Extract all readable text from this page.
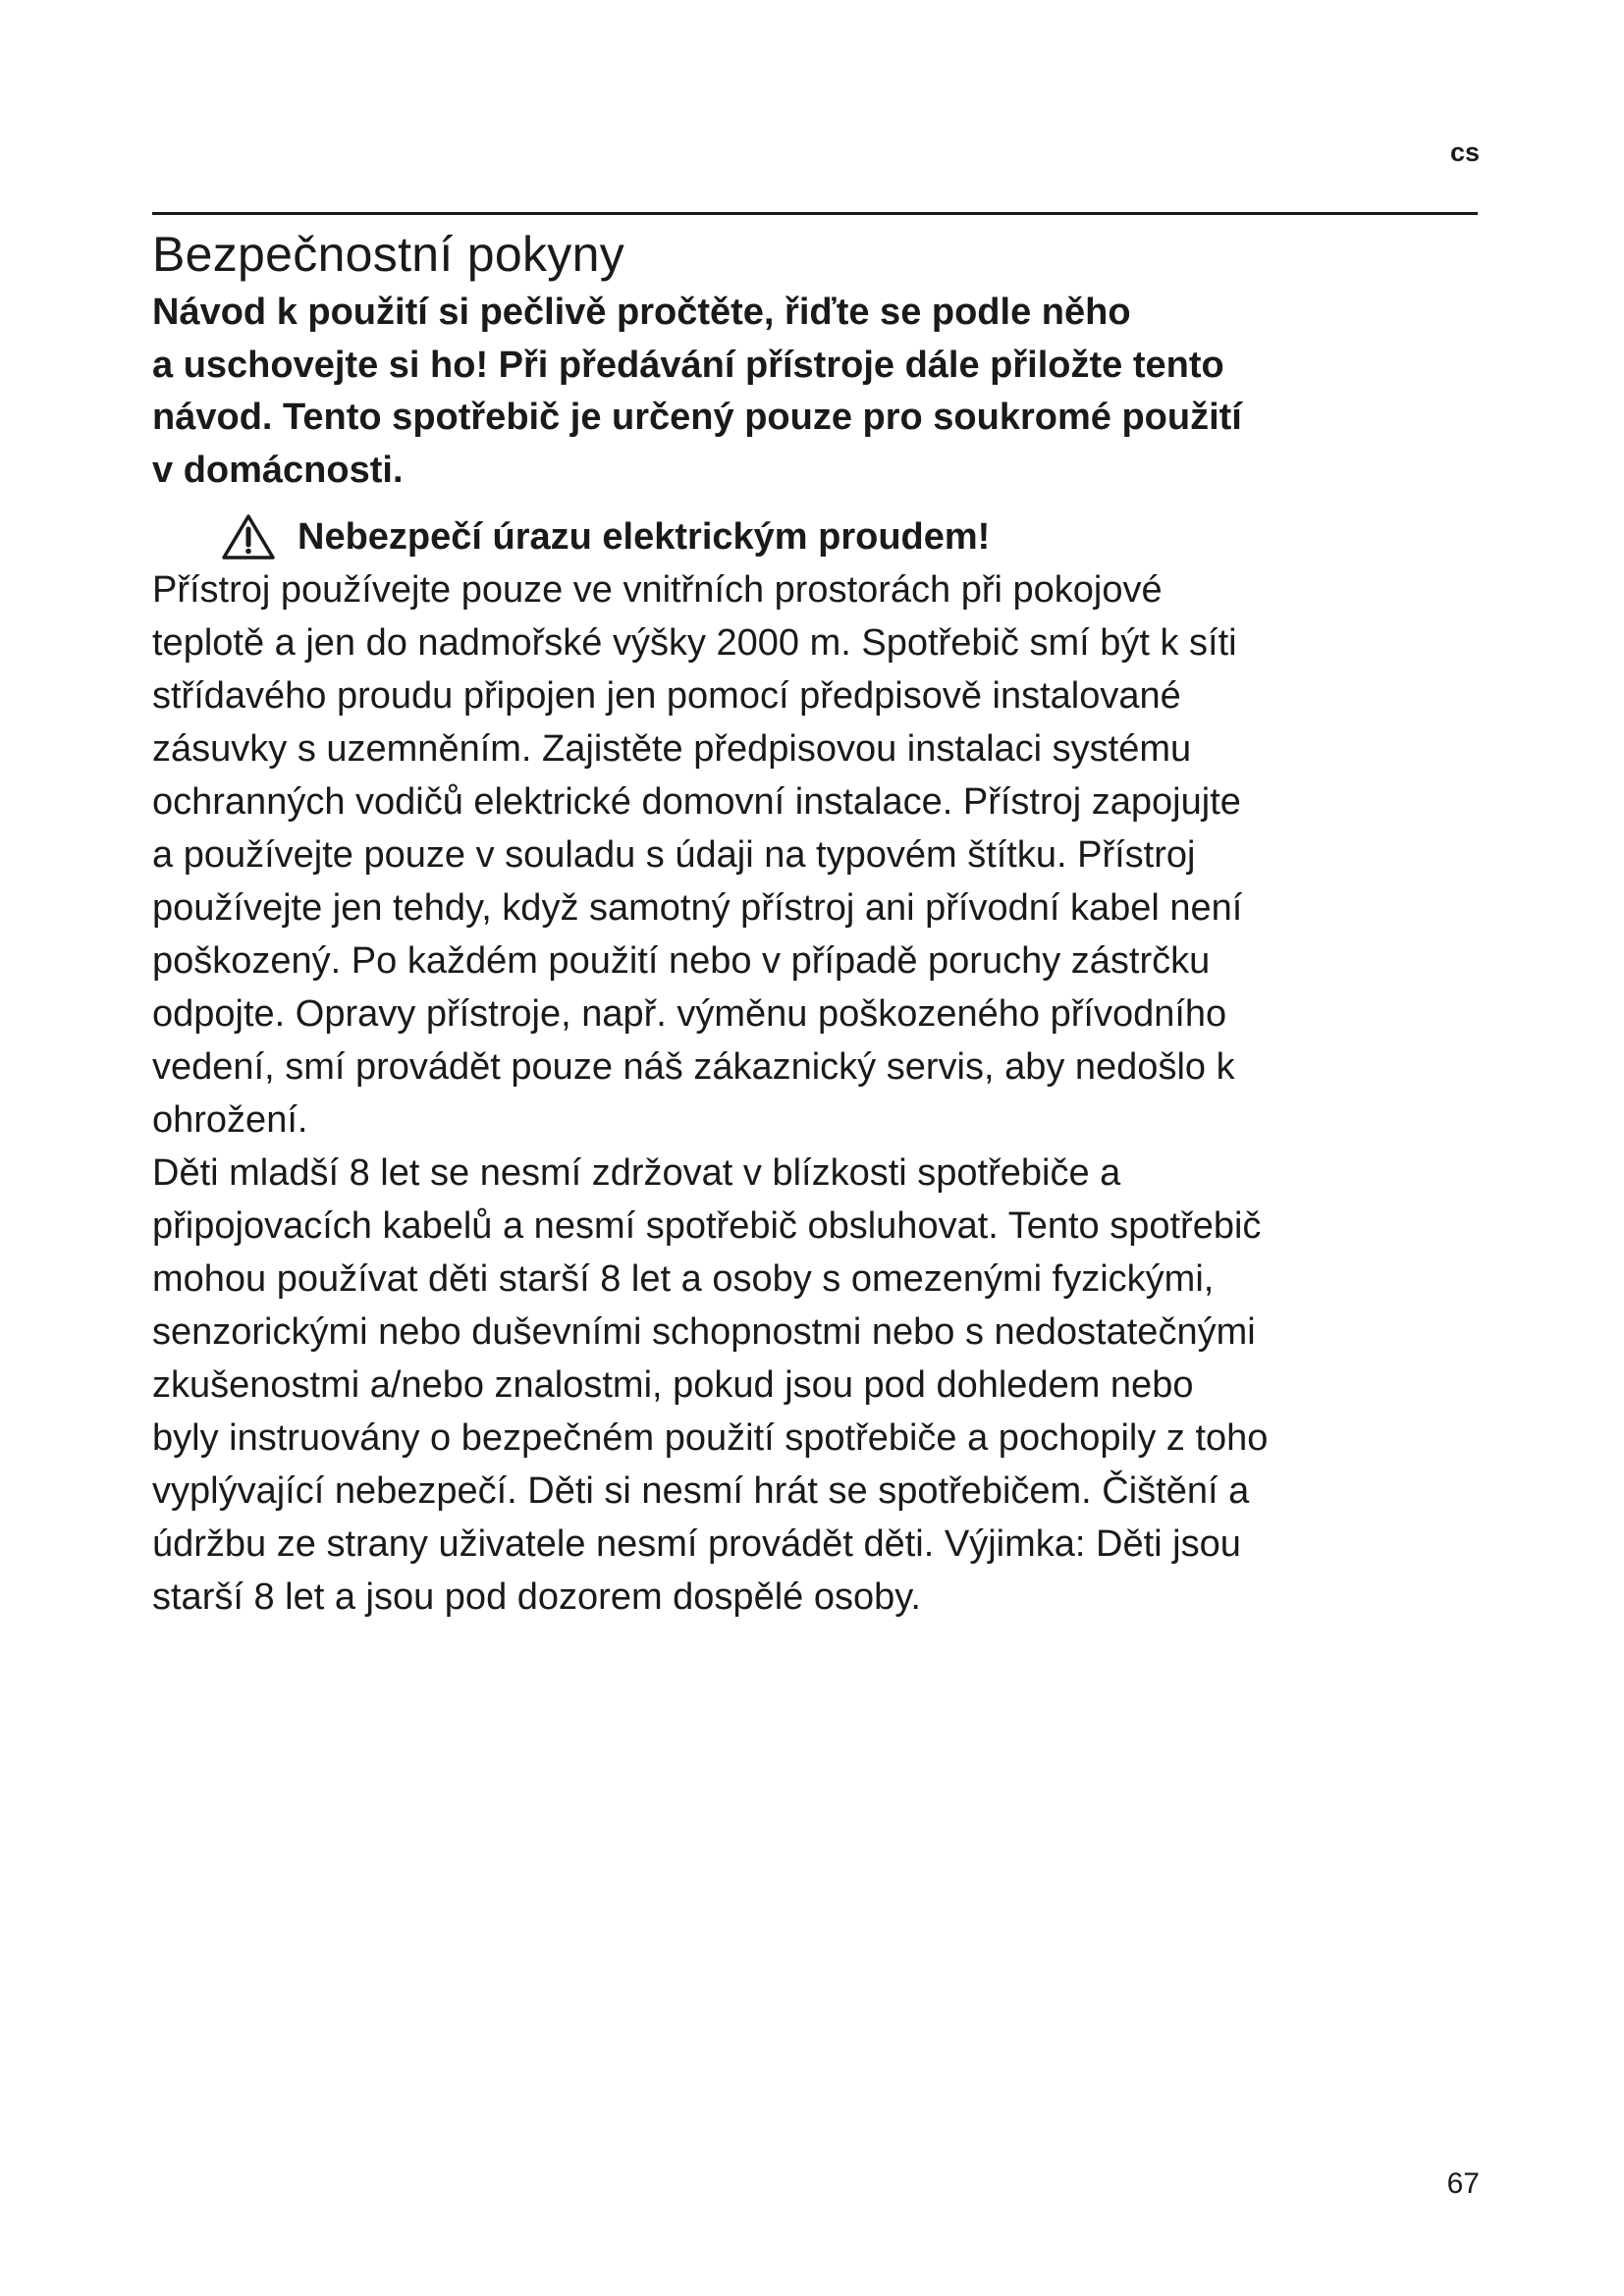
cs
Bezpečnostní pokyny

Návod k použití si pečlivě pročtěte, řiďte se podle něho
a uschovejte si ho! Při předávání přístroje dále přiložte tento
návod. Tento spotřebič je určený pouze pro soukromé použití
v domácnosti.

Nebezpečí úrazu elektrickým proudem!

Přístroj používejte pouze ve vnitřních prostorách při pokojové
teplotě a jen do nadmořské výšky 2000 m. Spotřebič smí být k síti
střídavého proudu připojen jen pomocí předpisově instalované
zásuvky s uzemněním. Zajistěte předpisovou instalaci systému
ochranných vodičů elektrické domovní instalace. Přístroj zapojujte
a používejte pouze v souladu s údaji na typovém štítku. Přístroj
používejte jen tehdy, když samotný přístroj ani přívodní kabel není
poškozený. Po každém použití nebo v případě poruchy zástrčku
odpojte. Opravy přístroje, např. výměnu poškozeného přívodního
vedení, smí provádět pouze náš zákaznický servis, aby nedošlo k
ohrožení.

Děti mladší 8 let se nesmí zdržovat v blízkosti spotřebiče a
připojovacích kabelů a nesmí spotřebič obsluhovat. Tento spotřebič
mohou používat děti starší 8 let a osoby s omezenými fyzickými,
senzorickými nebo duševními schopnostmi nebo s nedostatečnými
zkušenostmi a/nebo znalostmi, pokud jsou pod dohledem nebo
byly instruovány o bezpečném použití spotřebiče a pochopily z toho
vyplývající nebezpečí. Děti si nesmí hrát se spotřebičem. Čištění a
údržbu ze strany uživatele nesmí provádět děti. Výjimka: Děti jsou
starší 8 let a jsou pod dozorem dospělé osoby.

67
